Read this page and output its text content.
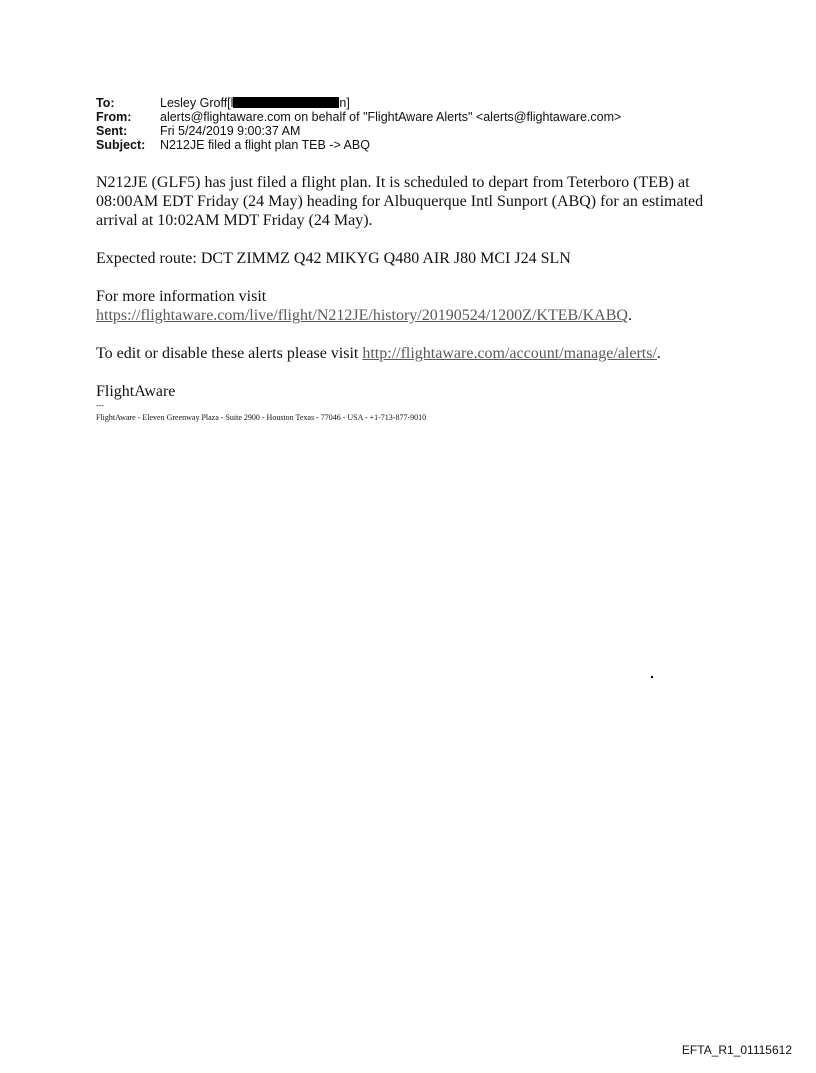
To:	Lesley Groff[l	n]
From:	alerts@flightaware.com on behalf of "FlightAware Alerts" <alerts@flightaware.com>
Sent:	Fri 5/24/2019 9:00:37 AM
Subject:	N212JE filed a flight plan TEB -> ABQ

N212JE (GLF5) has just filed a flight plan. It is scheduled to depart from Teterboro (TEB) at 08:00AM EDT Friday (24 May) heading for Albuquerque Intl Sunport (ABQ) for an estimated arrival at 10:02AM MDT Friday (24 May).

Expected route: DCT ZIMMZ Q42 MIKYG Q480 AIR J80 MCI J24 SLN

For more information visit
https://flightaware.com/live/flight/N212JE/history/20190524/1200Z/KTEB/KABQ.

To edit or disable these alerts please visit http://flightaware.com/account/manage/alerts/.

FlightAware

---
FlightAware - Eleven Greenway Plaza - Suite 2900 - Houston Texas - 77046 - USA - +1-713-877-9010
EFTA_R1_01115612
